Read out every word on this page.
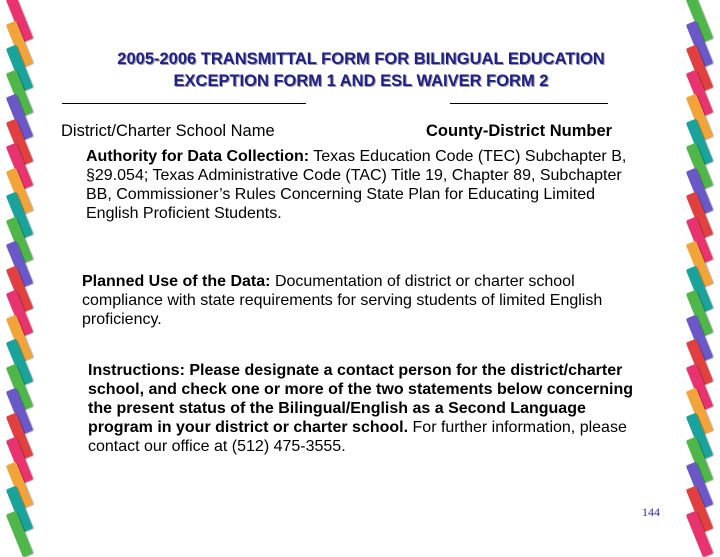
2005-2006 TRANSMITTAL FORM FOR BILINGUAL EDUCATION
EXCEPTION FORM 1 AND ESL WAIVER FORM 2
District/Charter School Name	County-District Number
Authority for Data Collection: Texas Education Code (TEC) Subchapter B, §29.054; Texas Administrative Code (TAC) Title 19, Chapter 89, Subchapter BB, Commissioner’s Rules Concerning State Plan for Educating Limited English Proficient Students.
Planned Use of the Data: Documentation of district or charter school compliance with state requirements for serving students of limited English proficiency.
Instructions: Please designate a contact person for the district/charter school, and check one or more of the two statements below concerning the present status of the Bilingual/English as a Second Language program in your district or charter school. For further information, please contact our office at (512) 475-3555.
144
